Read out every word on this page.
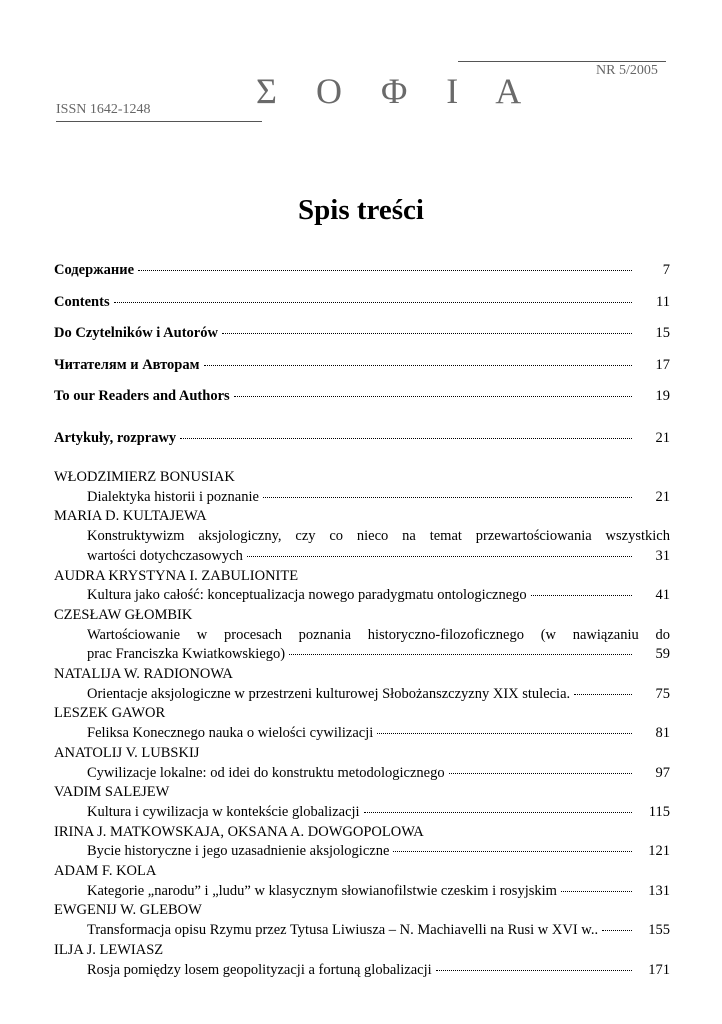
NR 5/2005
Σ Ο Φ Ι Α
ISSN 1642-1248
Spis treści
Содержание	7
Contents	11
Do Czytelników i Autorów	15
Читателям и Авторам	17
To our Readers and Authors	19
Artykuły, rozprawy	21
WŁODZIMIERZ BONUSIAK
Dialektyka historii i poznanie	21
MARIA D. KULTAJEWA
Konstruktywizm aksjologiczny, czy co nieco na temat przewartościowania wszystkich
wartości dotychczasowych	31
AUDRA KRYSTYNA I. ZABULIONITE
Kultura jako całość: konceptualizacja nowego paradygmatu ontologicznego	41
CZESŁAW GŁOMBIK
Wartościowanie w procesach poznania historyczno-filozoficznego (w nawiązaniu do
prac Franciszka Kwiatkowskiego)	59
NATALIJA W. RADIONOWA
Orientacje aksjologiczne w przestrzeni kulturowej Słobożanszczyzny XIX stulecia.	75
LESZEK GAWOR
Feliksa Konecznego nauka o wielości cywilizacji	81
ANATOLIJ V. LUBSKIJ
Cywilizacje lokalne: od idei do konstruktu metodologicznego	97
VADIM SALEJEW
Kultura i cywilizacja w kontekście globalizacji	115
IRINA J. MATKOWSKAJA, OKSANA A. DOWGOPOLOWA
Bycie historyczne i jego uzasadnienie aksjologiczne	121
ADAM F. KOLA
Kategorie „narodu” i „ludu” w klasycznym słowianofilstwie czeskim i rosyjskim	131
EWGENIJ W. GLEBOW
Transformacja opisu Rzymu przez Tytusa Liwiusza – N. Machiavelli na Rusi w XVI w..	155
ILJA J. LEWIASZ
Rosja pomiędzy losem geopolityzacji a fortuną globalizacji	171
